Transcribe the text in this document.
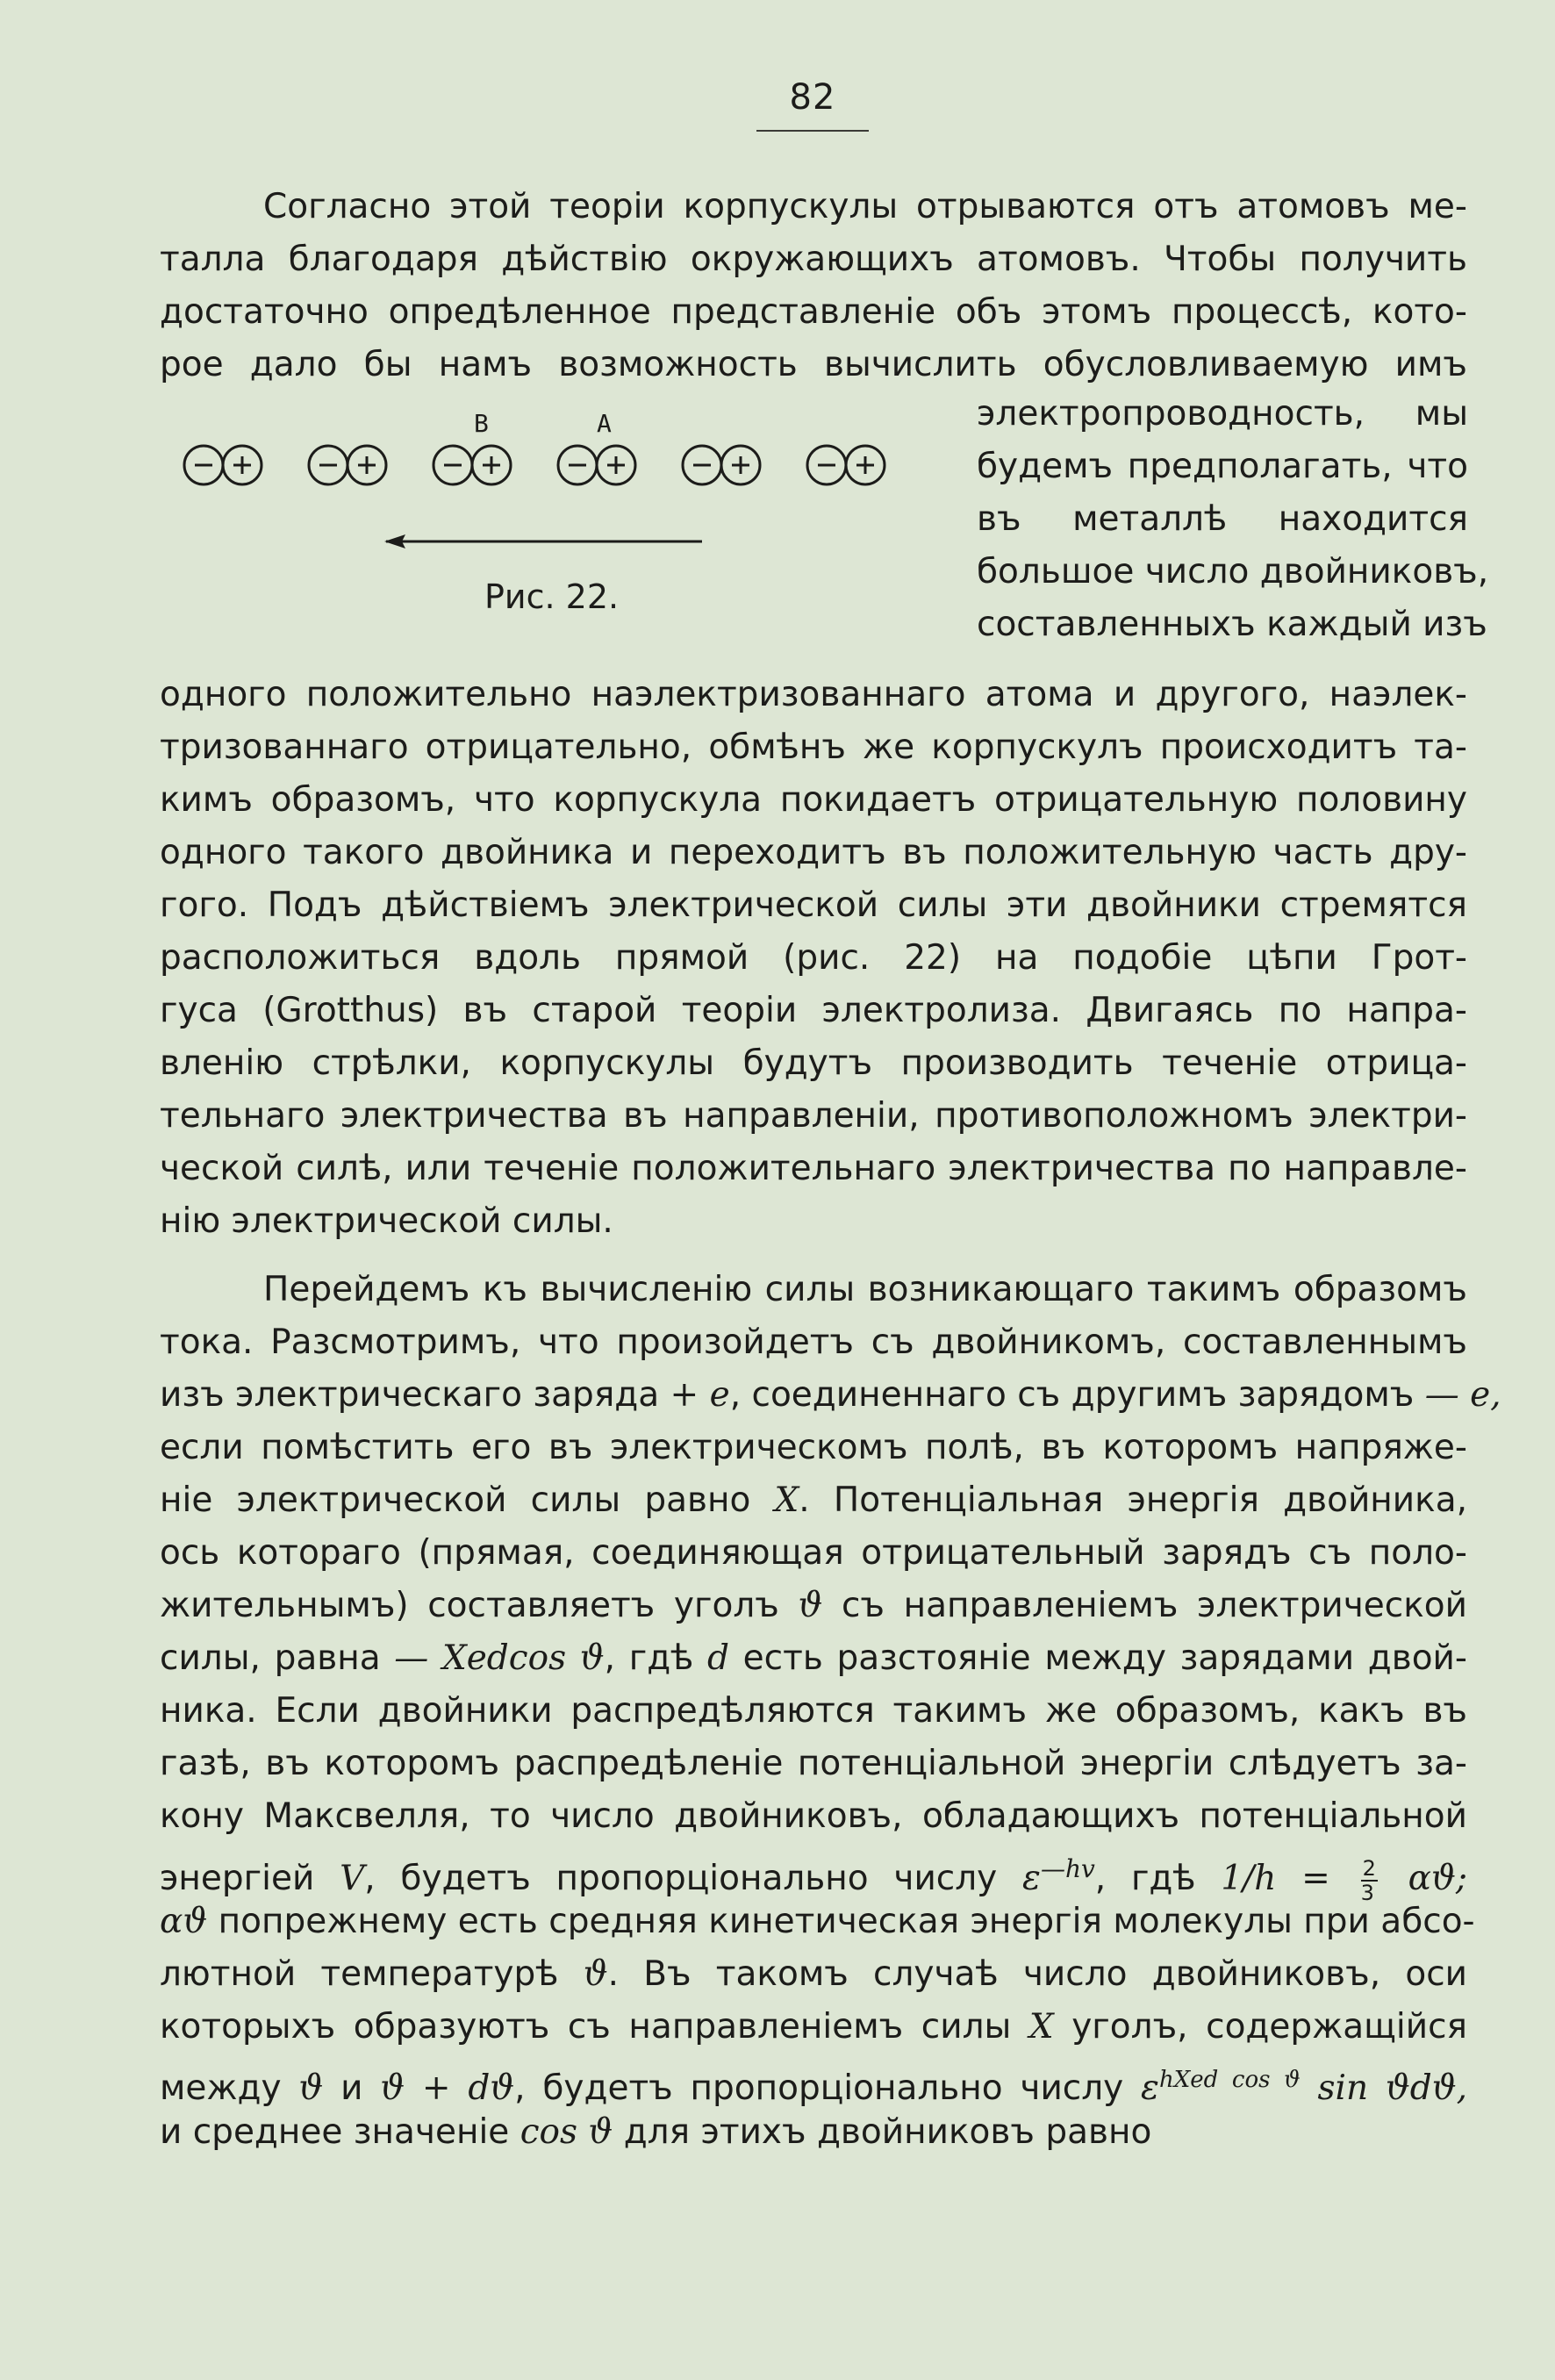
82
Согласно этой теоріи корпускулы отрываются отъ атомовъ ме-
талла благодаря дѣйствію окружающихъ атомовъ. Чтобы получить
достаточно опредѣленное представленіе объ этомъ процессѣ, кото-
рое дало бы намъ возможность вычислить обусловливаемую имъ
B	A
Рис. 22.
электропроводность, мы
будемъ предполагать, что
въ металлѣ находится
большое число двойниковъ,
составленныхъ каждый изъ
одного положительно наэлектризованнаго атома и другого, наэлек-
тризованнаго отрицательно, обмѣнъ же корпускулъ происходитъ та-
кимъ образомъ, что корпускула покидаетъ отрицательную половину
одного такого двойника и переходитъ въ положительную часть дру-
гого. Подъ дѣйствіемъ электрической силы эти двойники стремятся
расположиться вдоль прямой (рис. 22) на подобіе цѣпи Грот-
гуса (Grotthus) въ старой теоріи электролиза. Двигаясь по напра-
вленію стрѣлки, корпускулы будутъ производить теченіе отрица-
тельнаго электричества въ направленіи, противоположномъ электри-
ческой силѣ, или теченіе положительнаго электричества по направле-
нію электрической силы.
Перейдемъ къ вычисленію силы возникающаго такимъ образомъ
тока. Разсмотримъ, что произойдетъ съ двойникомъ, составленнымъ
изъ электрическаго заряда + e, соединеннаго съ другимъ зарядомъ — e,
если помѣстить его въ электрическомъ полѣ, въ которомъ напряже-
ніе электрической силы равно X. Потенціальная энергія двойника,
ось котораго (прямая, соединяющая отрицательный зарядъ съ поло-
жительнымъ) составляетъ уголъ ϑ съ направленіемъ электрической
силы, равна — Xedcos ϑ, гдѣ d есть разстояніе между зарядами двой-
ника. Если двойники распредѣляются такимъ же образомъ, какъ въ
газѣ, въ которомъ распредѣленіе потенціальной энергіи слѣдуетъ за-
кону Максвелля, то число двойниковъ, обладающихъ потенціальной
энергіей V, будетъ пропорціонально числу $\varepsilon^{—hv}$, гдѣ $1/h = \frac{2}{3} \alpha ϑ$;
αϑ попрежнему есть средняя кинетическая энергія молекулы при абсо-
лютной температурѣ ϑ. Въ такомъ случаѣ число двойниковъ, оси
которыхъ образуютъ съ направленіемъ силы X уголъ, содержащійся
между ϑ и ϑ + dϑ, будетъ пропорціонально числу $\varepsilon^{hXed cos ϑ}$ sin ϑdϑ,
и среднее значеніе cos ϑ для этихъ двойниковъ равно
